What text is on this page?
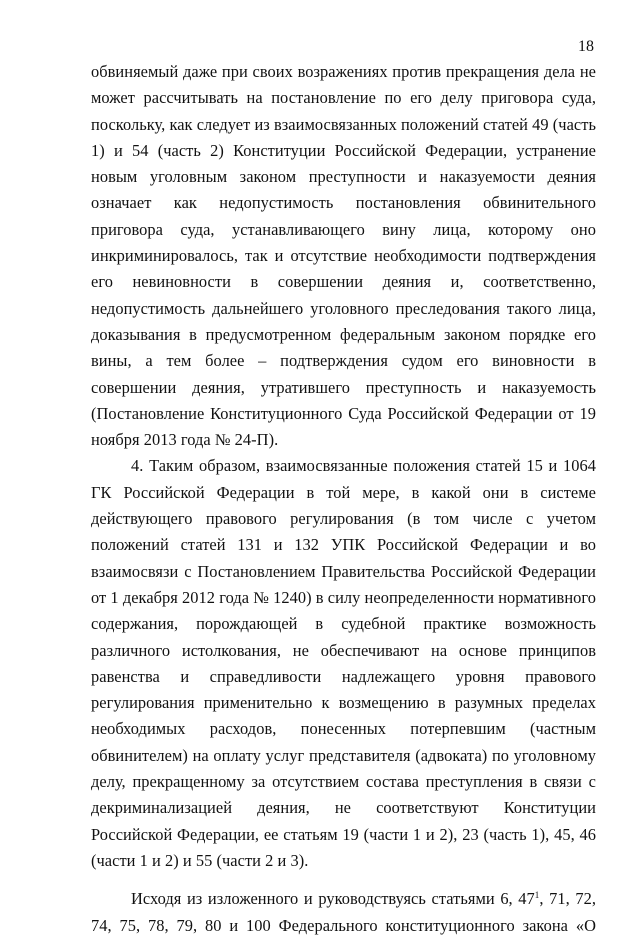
18

обвиняемый даже при своих возражениях против прекращения дела не может рассчитывать на постановление по его делу приговора суда, поскольку, как следует из взаимосвязанных положений статей 49 (часть 1) и 54 (часть 2) Конституции Российской Федерации, устранение новым уголовным законом преступности и наказуемости деяния означает как недопустимость постановления обвинительного приговора суда, устанавливающего вину лица, которому оно инкриминировалось, так и отсутствие необходимости подтверждения его невиновности в совершении деяния и, соответственно, недопустимость дальнейшего уголовного преследования такого лица, доказывания в предусмотренном федеральным законом порядке его вины, а тем более – подтверждения судом его виновности в совершении деяния, утратившего преступность и наказуемость (Постановление Конституционного Суда Российской Федерации от 19 ноября 2013 года № 24-П).

4. Таким образом, взаимосвязанные положения статей 15 и 1064 ГК Российской Федерации в той мере, в какой они в системе действующего правового регулирования (в том числе с учетом положений статей 131 и 132 УПК Российской Федерации и во взаимосвязи с Постановлением Правительства Российской Федерации от 1 декабря 2012 года № 1240) в силу неопределенности нормативного содержания, порождающей в судебной практике возможность различного истолкования, не обеспечивают на основе принципов равенства и справедливости надлежащего уровня правового регулирования применительно к возмещению в разумных пределах необходимых расходов, понесенных потерпевшим (частным обвинителем) на оплату услуг представителя (адвоката) по уголовному делу, прекращенному за отсутствием состава преступления в связи с декриминализацией деяния, не соответствуют Конституции Российской Федерации, ее статьям 19 (части 1 и 2), 23 (часть 1), 45, 46 (части 1 и 2) и 55 (части 2 и 3).

Исходя из изложенного и руководствуясь статьями 6, $47^1$, 71, 72, 74, 75, 78, 79, 80 и 100 Федерального конституционного закона «О
